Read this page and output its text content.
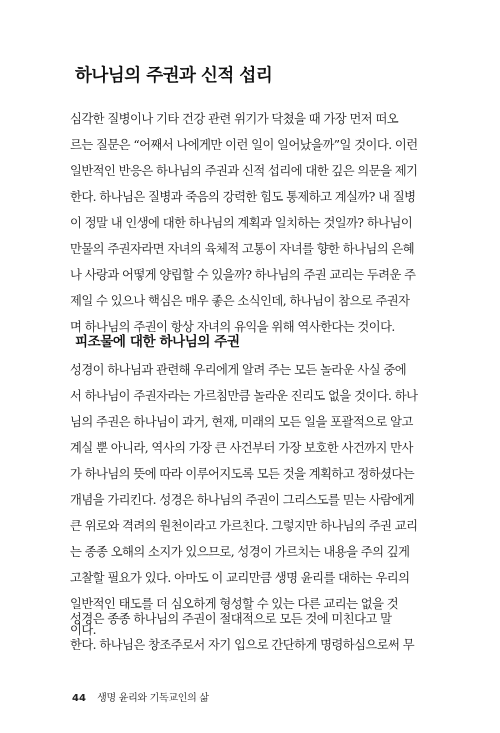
하나님의 주권과 신적 섭리
심각한 질병이나 기타 건강 관련 위기가 닥쳤을 때 가장 먼저 떠오
르는 질문은 “어째서 나에게만 이런 일이 일어났을까”일 것이다. 이런
일반적인 반응은 하나님의 주권과 신적 섭리에 대한 깊은 의문을 제기
한다. 하나님은 질병과 죽음의 강력한 힘도 통제하고 계실까? 내 질병
이 정말 내 인생에 대한 하나님의 계획과 일치하는 것일까? 하나님이
만물의 주권자라면 자녀의 육체적 고통이 자녀를 향한 하나님의 은혜
나 사랑과 어떻게 양립할 수 있을까? 하나님의 주권 교리는 두려운 주
제일 수 있으나 핵심은 매우 좋은 소식인데, 하나님이 참으로 주권자
며 하나님의 주권이 항상 자녀의 유익을 위해 역사한다는 것이다.
피조물에 대한 하나님의 주권
성경이 하나님과 관련해 우리에게 알려 주는 모든 놀라운 사실 중에
서 하나님이 주권자라는 가르침만큼 놀라운 진리도 없을 것이다. 하나
님의 주권은 하나님이 과거, 현재, 미래의 모든 일을 포괄적으로 알고
계실 뿐 아니라, 역사의 가장 큰 사건부터 가장 보호한 사건까지 만사
가 하나님의 뜻에 따라 이루어지도록 모든 것을 계획하고 정하셨다는
개념을 가리킨다. 성경은 하나님의 주권이 그리스도를 믿는 사람에게
큰 위로와 격려의 원천이라고 가르친다. 그렇지만 하나님의 주권 교리
는 종종 오해의 소지가 있으므로, 성경이 가르치는 내용을 주의 깊게
고찰할 필요가 있다. 아마도 이 교리만큼 생명 윤리를 대하는 우리의
일반적인 태도를 더 심오하게 형성할 수 있는 다른 교리는 없을 것
이다.
성경은 종종 하나님의 주권이 절대적으로 모든 것에 미친다고 말
한다. 하나님은 창조주로서 자기 입으로 간단하게 명령하심으로써 무
44 생명 윤리와 기독교인의 삶
